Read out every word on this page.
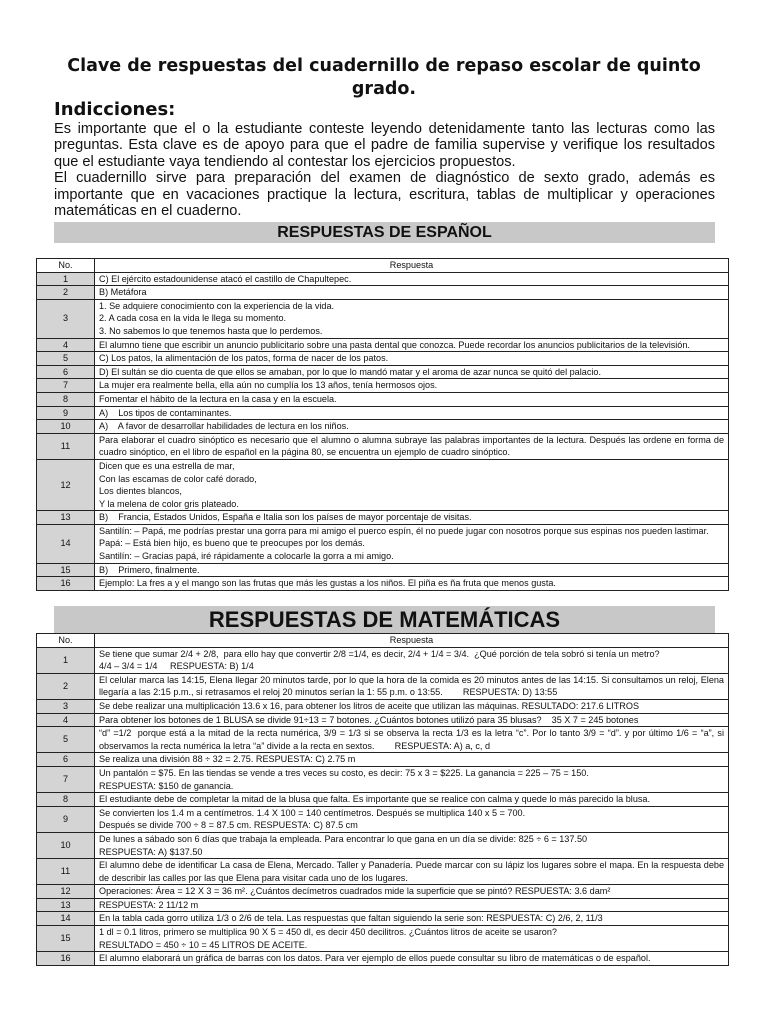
Clave de respuestas del cuadernillo de repaso escolar de quinto grado.
Indicciones:

Es importante que el o la estudiante conteste leyendo detenidamente tanto las lecturas como las preguntas. Esta clave es de apoyo para que el padre de familia supervise y verifique los resultados que el estudiante vaya tendiendo al contestar los ejercicios propuestos.

El cuadernillo sirve para preparación del examen de diagnóstico de sexto grado, además es importante que en vacaciones practique la lectura, escritura, tablas de multiplicar y operaciones matemáticas en el cuaderno.

RESPUESTAS DE ESPAÑOL
No.	Respuesta
1	C) El ejército estadounidense atacó el castillo de Chapultepec.

2	B) Metáfora

3	1. Se adquiere conocimiento con la experiencia de la vida.
2. A cada cosa en la vida le llega su momento.
3. No sabemos lo que tenemos hasta que lo perdemos.

4	El alumno tiene que escribir un anuncio publicitario sobre una pasta dental que conozca. Puede recordar los anuncios publicitarios de la televisión.

5	C) Los patos, la alimentación de los patos, forma de nacer de los patos.

6	D) El sultán se dio cuenta de que ellos se amaban, por lo que lo mandó matar y el aroma de azar nunca se quitó del palacio.

7	La mujer era realmente bella, ella aún no cumplía los 13 años, tenía hermosos ojos.

8	Fomentar el hábito de la lectura en la casa y en la escuela.

9	A)    Los tipos de contaminantes.

10	A)    A favor de desarrollar habilidades de lectura en los niños.

11	Para elaborar el cuadro sinóptico es necesario que el alumno o alumna subraye las palabras importantes de la lectura. Después las ordene en forma de cuadro sinóptico, en el libro de español en la página 80, se encuentra un ejemplo de cuadro sinóptico.

12	Dicen que es una estrella de mar,
Con las escamas de color café dorado,
Los dientes blancos,
Y la melena de color gris plateado.

13	B)    Francia, Estados Unidos, España e Italia son los países de mayor porcentaje de visitas.

14	Santilín: – Papá, me podrías prestar una gorra para mi amigo el puerco espín, él no puede jugar con nosotros porque sus espinas nos pueden lastimar.
Papá: – Está bien hijo, es bueno que te preocupes por los demás.
Santilín: – Gracias papá, iré rápidamente a colocarle la gorra a mi amigo.

15	B)    Primero, finalmente.

16	Ejemplo: La fres a y el mango son las frutas que más les gustas a los niños. El piña es ña fruta que menos gusta.
RESPUESTAS DE MATEMÁTICAS
No.	Respuesta
1	Se tiene que sumar 2/4 + 2/8,  para ello hay que convertir 2/8 =1/4, es decir, 2/4 + 1/4 = 3/4.  ¿Qué porción de tela sobró si tenía un metro?
4/4 – 3/4 = 1/4     RESPUESTA: B) 1/4

2	El celular marca las 14:15, Elena llegar 20 minutos tarde, por lo que la hora de la comida es 20 minutos antes de las 14:15. Si consultamos un reloj, Elena llegaría a las 2:15 p.m., si retrasamos el reloj 20 minutos serían la 1: 55 p.m. o 13:55.        RESPUESTA: D) 13:55

3	Se debe realizar una multiplicación 13.6 x 16, para obtener los litros de aceite que utilizan las máquinas. RESULTADO: 217.6 LITROS

4	Para obtener los botones de 1 BLUSA se divide 91÷13 = 7 botones. ¿Cuántos botones utilizó para 35 blusas?    35 X 7 = 245 botones

5	“d” =1/2  porque está a la mitad de la recta numérica, 3/9 = 1/3 si se observa la recta 1/3 es la letra “c”. Por lo tanto 3/9 = “d”. y por último 1/6 = “a”, si observamos la recta numérica la letra “a” divide a la recta en sextos.        RESPUESTA: A) a, c, d

6	Se realiza una división 88 ÷ 32 = 2.75. RESPUESTA: C) 2.75 m

7	Un pantalón = $75. En las tiendas se vende a tres veces su costo, es decir: 75 x 3 = $225. La ganancia = 225 – 75 = 150.
RESPUESTA: $150 de ganancia.

8	El estudiante debe de completar la mitad de la blusa que falta. Es importante que se realice con calma y quede lo más parecido la blusa.

9	Se convierten los 1.4 m a centímetros. 1.4 X 100 = 140 centímetros. Después se multiplica 140 x 5 = 700.
Después se divide 700 ÷ 8 = 87.5 cm. RESPUESTA: C) 87.5 cm

10	De lunes a sábado son 6 días que trabaja la empleada. Para encontrar lo que gana en un día se divide: 825 ÷ 6 = 137.50
RESPUESTA: A) $137.50

11	El alumno debe de identificar La casa de Elena, Mercado. Taller y Panadería. Puede marcar con su lápiz los lugares sobre el mapa. En la respuesta debe de describir las calles por las que Elena para visitar cada uno de los lugares.

12	Operaciones: Área = 12 X 3 = 36 m². ¿Cuántos decímetros cuadrados mide la superficie que se pintó? RESPUESTA: 3.6 dam²

13	RESPUESTA: 2 11/12 m

14	En la tabla cada gorro utiliza 1/3 o 2/6 de tela. Las respuestas que faltan siguiendo la serie son: RESPUESTA: C) 2/6, 2, 11/3

15	1 dl = 0.1 litros, primero se multiplica 90 X 5 = 450 dl, es decir 450 decilitros. ¿Cuántos litros de aceite se usaron?
RESULTADO = 450 ÷ 10 = 45 LITROS DE ACEITE.

16	El alumno elaborará un gráfica de barras con los datos. Para ver ejemplo de ellos puede consultar su libro de matemáticas o de español.
